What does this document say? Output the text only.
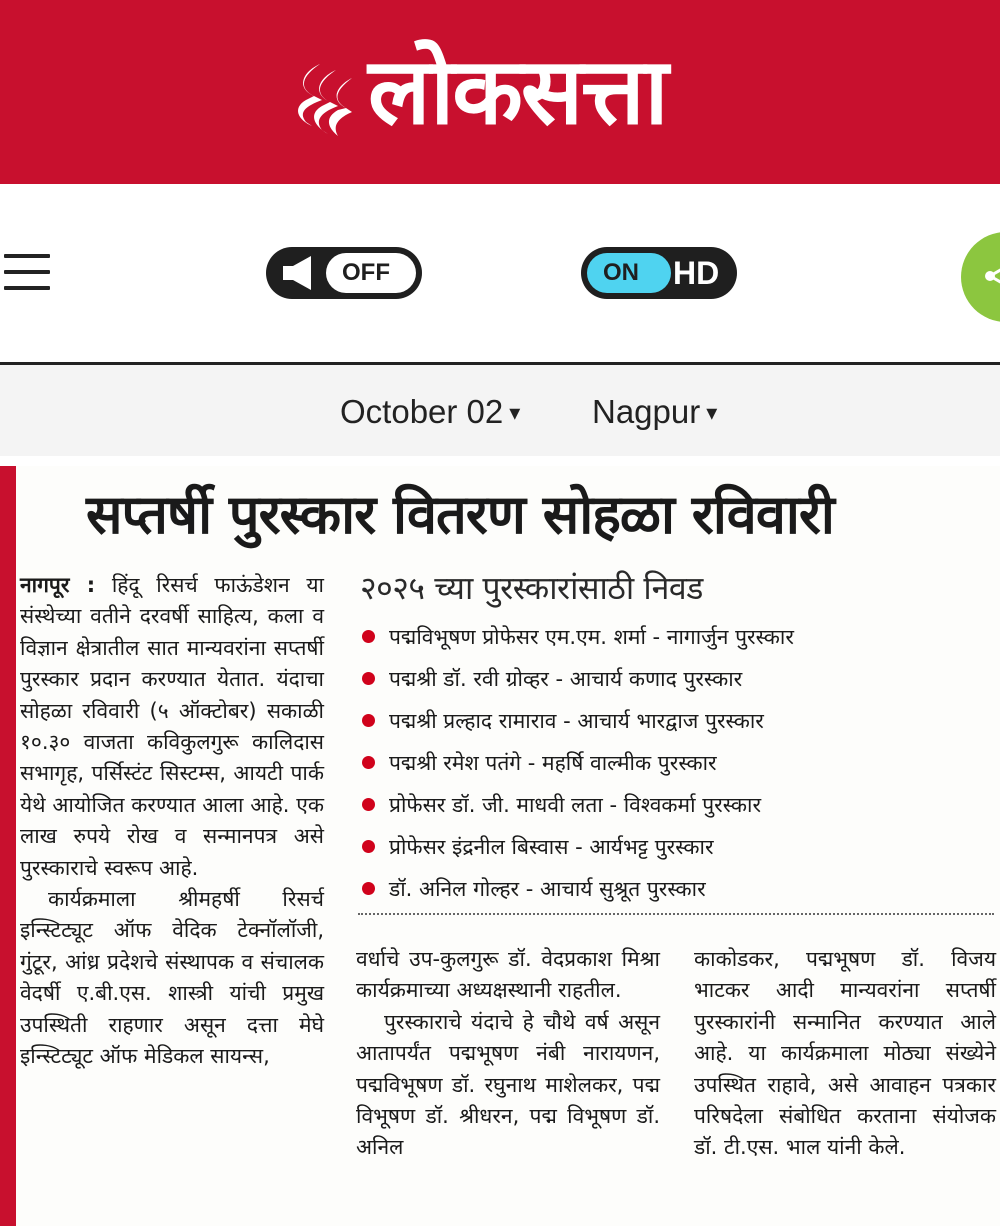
लोकसत्ता
OFF	ON HD
October 02 ▾ Nagpur ▾
सप्तर्षी पुरस्कार वितरण सोहळा रविवारी

नागपूर : हिंदू रिसर्च फाऊंडेशन या संस्थेच्या वतीने दरवर्षी साहित्य, कला व विज्ञान क्षेत्रातील सात मान्यवरांना सप्तर्षी पुरस्कार प्रदान करण्यात येतात. यंदाचा सोहळा रविवारी (५ ऑक्टोबर) सकाळी १०.३० वाजता कविकुलगुरू कालिदास सभागृह, पर्सिस्टंट सिस्टम्स, आयटी पार्क येथे आयोजित करण्यात आला आहे. एक लाख रुपये रोख व सन्मानपत्र असे पुरस्काराचे स्वरूप आहे.

कार्यक्रमाला श्रीमहर्षी रिसर्च इन्स्टिट्यूट ऑफ वेदिक टेक्नॉलॉजी, गुंटूर, आंध्र प्रदेशचे संस्थापक व संचालक वेदर्षी ए.बी.एस. शास्त्री यांची प्रमुख उपस्थिती राहणार असून दत्ता मेघे इन्स्टिट्यूट ऑफ मेडिकल सायन्स,

२०२५ च्या पुरस्कारांसाठी निवड
पद्मविभूषण प्रोफेसर एम.एम. शर्मा - नागार्जुन पुरस्कार
पद्मश्री डॉ. रवी ग्रोव्हर - आचार्य कणाद पुरस्कार
पद्मश्री प्रल्हाद रामाराव - आचार्य भारद्वाज पुरस्कार
पद्मश्री रमेश पतंगे - महर्षि वाल्मीक पुरस्कार
प्रोफेसर डॉ. जी. माधवी लता - विश्वकर्मा पुरस्कार
प्रोफेसर इंद्रनील बिस्वास - आर्यभट्ट पुरस्कार
डॉ. अनिल गोल्हर - आचार्य सुश्रूत पुरस्कार

वर्धाचे उप-कुलगुरू डॉ. वेदप्रकाश मिश्रा कार्यक्रमाच्या अध्यक्षस्थानी राहतील.

पुरस्काराचे यंदाचे हे चौथे वर्ष असून आतापर्यंत पद्मभूषण नंबी नारायणन, पद्मविभूषण डॉ. रघुनाथ माशेलकर, पद्म विभूषण डॉ. श्रीधरन, पद्म विभूषण डॉ. अनिल

काकोडकर, पद्मभूषण डॉ. विजय भाटकर आदी मान्यवरांना सप्तर्षी पुरस्कारांनी सन्मानित करण्यात आले आहे. या कार्यक्रमाला मोठ्या संख्येने उपस्थित राहावे, असे आवाहन पत्रकार परिषदेला संबोधित करताना संयोजक डॉ. टी.एस. भाल यांनी केले.
